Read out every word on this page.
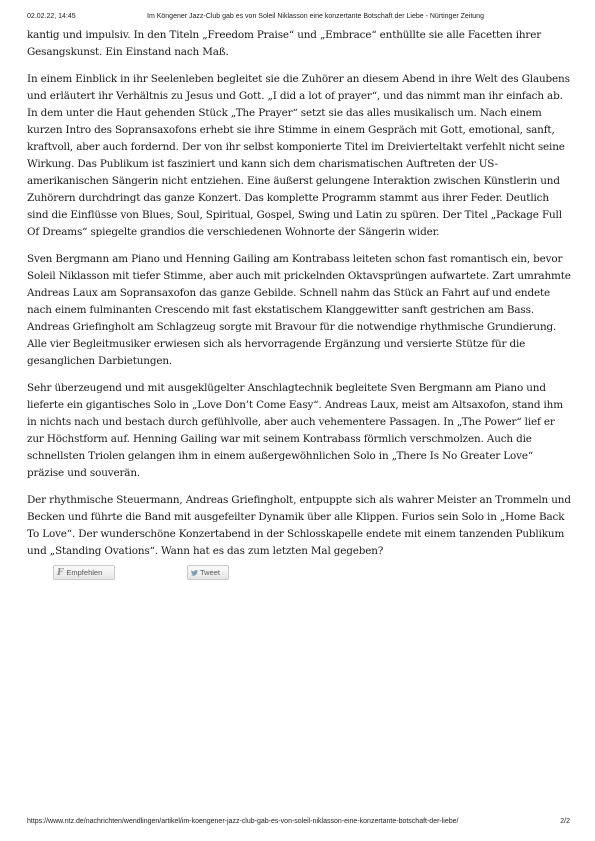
02.02.22, 14:45	Im Köngener Jazz-Club gab es von Soleil Niklasson eine konzertante Botschaft der Liebe - Nürtinger Zeitung

kantig und impulsiv. In den Titeln „Freedom Praise“ und „Embrace“ enthüllte sie alle Facetten ihrer Gesangskunst. Ein Einstand nach Maß.

In einem Einblick in ihr Seelenleben begleitet sie die Zuhörer an diesem Abend in ihre Welt des Glaubens und erläutert ihr Verhältnis zu Jesus und Gott. „I did a lot of prayer“, und das nimmt man ihr einfach ab. In dem unter die Haut gehenden Stück „The Prayer“ setzt sie das alles musikalisch um. Nach einem kurzen Intro des Sopransaxofons erhebt sie ihre Stimme in einem Gespräch mit Gott, emotional, sanft, kraftvoll, aber auch fordernd. Der von ihr selbst komponierte Titel im Dreivierteltakt verfehlt nicht seine Wirkung. Das Publikum ist fasziniert und kann sich dem charismatischen Auftreten der US-amerikanischen Sängerin nicht entziehen. Eine äußerst gelungene Interaktion zwischen Künstlerin und Zuhörern durchdringt das ganze Konzert. Das komplette Programm stammt aus ihrer Feder. Deutlich sind die Einflüsse von Blues, Soul, Spiritual, Gospel, Swing und Latin zu spüren. Der Titel „Package Full Of Dreams“ spiegelte grandios die verschiedenen Wohnorte der Sängerin wider.

Sven Bergmann am Piano und Henning Gailing am Kontrabass leiteten schon fast romantisch ein, bevor Soleil Niklasson mit tiefer Stimme, aber auch mit prickelnden Oktavsprüngen aufwartete. Zart umrahmte Andreas Laux am Sopransaxofon das ganze Gebilde. Schnell nahm das Stück an Fahrt auf und endete nach einem fulminanten Crescendo mit fast ekstatischem Klanggewitter sanft gestrichen am Bass. Andreas Griefingholt am Schlagzeug sorgte mit Bravour für die notwendige rhythmische Grundierung. Alle vier Begleitmusiker erwiesen sich als hervorragende Ergänzung und versierte Stütze für die gesanglichen Darbietungen.

Sehr überzeugend und mit ausgeklügelter Anschlagtechnik begleitete Sven Bergmann am Piano und lieferte ein gigantisches Solo in „Love Don’t Come Easy“. Andreas Laux, meist am Altsaxofon, stand ihm in nichts nach und bestach durch gefühlvolle, aber auch vehementere Passagen. In „The Power“ lief er zur Höchstform auf. Henning Gailing war mit seinem Kontrabass förmlich verschmolzen. Auch die schnellsten Triolen gelangen ihm in einem außergewöhnlichen Solo in „There Is No Greater Love“ präzise und souverän.

Der rhythmische Steuermann, Andreas Griefingholt, entpuppte sich als wahrer Meister an Trommeln und Becken und führte die Band mit ausgefeilter Dynamik über alle Klippen. Furios sein Solo in „Home Back To Love“. Der wunderschöne Konzertabend in der Schlosskapelle endete mit einem tanzenden Publikum und „Standing Ovations“. Wann hat es das zum letzten Mal gegeben?

F Empfehlen	Tweet
https://www.ntz.de/nachrichten/wendlingen/artikel/im-koengener-jazz-club-gab-es-von-soleil-niklasson-eine-konzertante-botschaft-der-liebe/	2/2
